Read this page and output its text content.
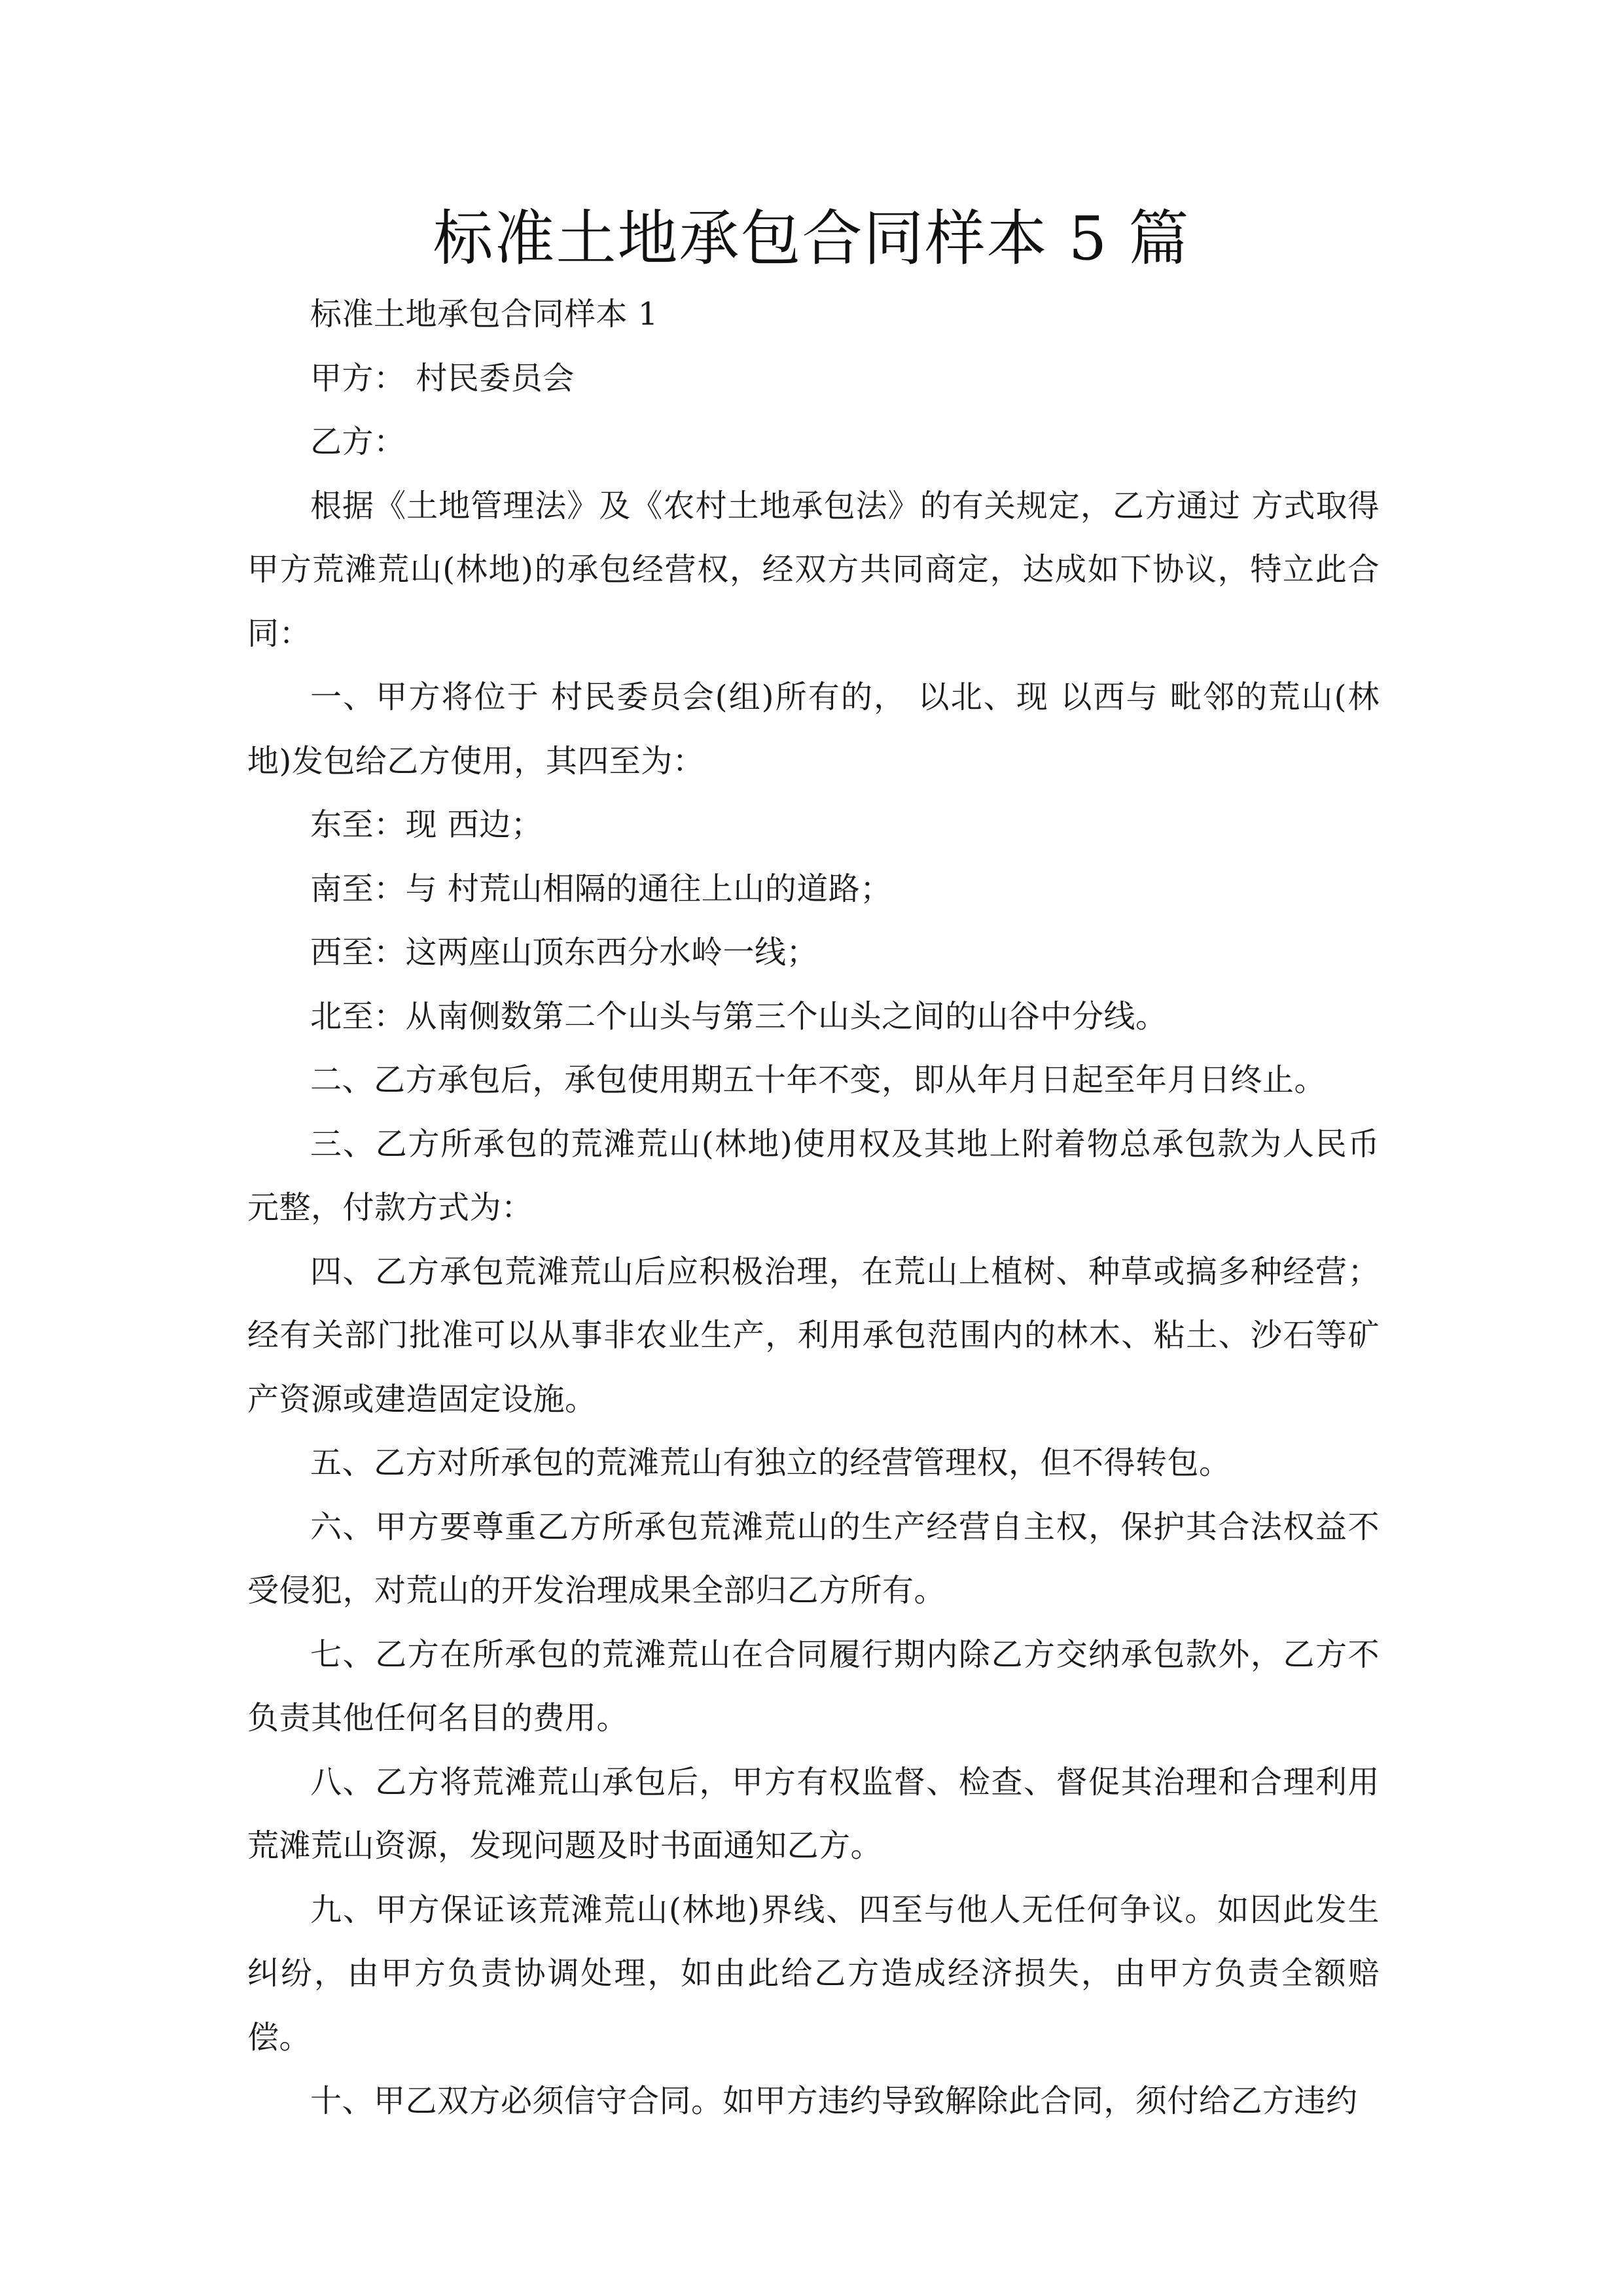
标准土地承包合同样本 5 篇

标准土地承包合同样本 1

甲方： 村民委员会

乙方：

根据《土地管理法》及《农村土地承包法》的有关规定，乙方通过 方式取得甲方荒滩荒山(林地)的承包经营权，经双方共同商定，达成如下协议，特立此合同：

一、甲方将位于 村民委员会(组)所有的， 以北、现 以西与 毗邻的荒山(林地)发包给乙方使用，其四至为：

东至：现 西边；

南至：与 村荒山相隔的通往上山的道路；

西至：这两座山顶东西分水岭一线；

北至：从南侧数第二个山头与第三个山头之间的山谷中分线。

二、乙方承包后，承包使用期五十年不变，即从年月日起至年月日终止。

三、乙方所承包的荒滩荒山(林地)使用权及其地上附着物总承包款为人民币元整，付款方式为：

四、乙方承包荒滩荒山后应积极治理，在荒山上植树、种草或搞多种经营；经有关部门批准可以从事非农业生产，利用承包范围内的林木、粘土、沙石等矿产资源或建造固定设施。

五、乙方对所承包的荒滩荒山有独立的经营管理权，但不得转包。

六、甲方要尊重乙方所承包荒滩荒山的生产经营自主权，保护其合法权益不受侵犯，对荒山的开发治理成果全部归乙方所有。

七、乙方在所承包的荒滩荒山在合同履行期内除乙方交纳承包款外，乙方不负责其他任何名目的费用。

八、乙方将荒滩荒山承包后，甲方有权监督、检查、督促其治理和合理利用荒滩荒山资源，发现问题及时书面通知乙方。

九、甲方保证该荒滩荒山(林地)界线、四至与他人无任何争议。如因此发生纠纷，由甲方负责协调处理，如由此给乙方造成经济损失，由甲方负责全额赔偿。

十、甲乙双方必须信守合同。如甲方违约导致解除此合同，须付给乙方违约
